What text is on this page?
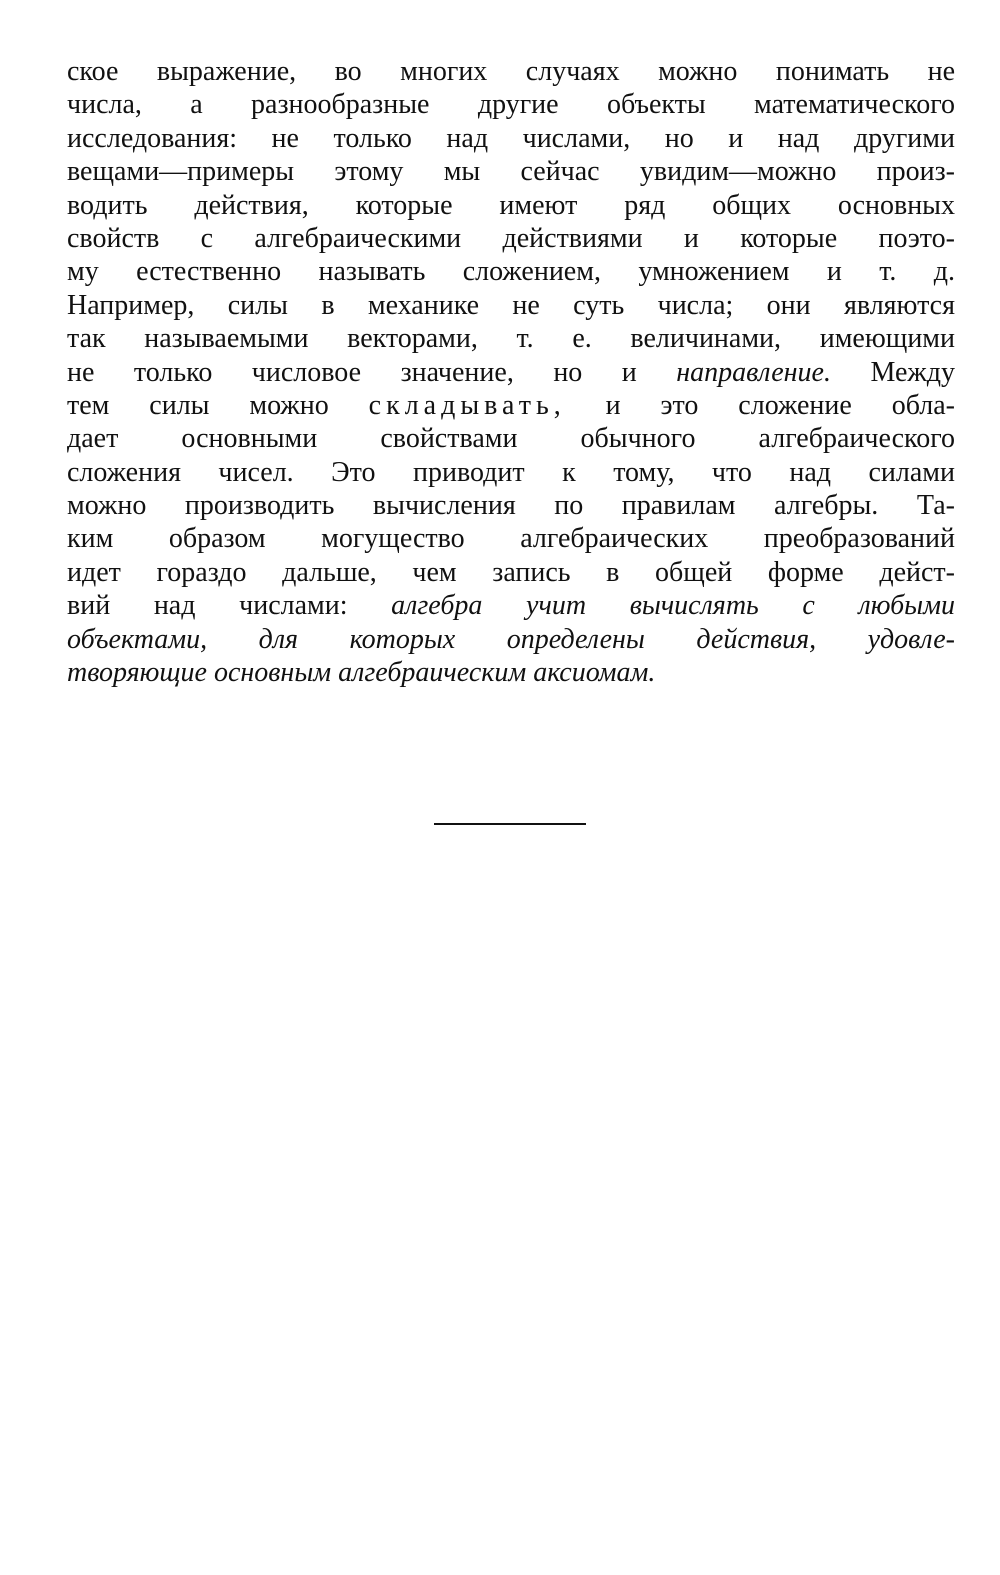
ское выражение, во многих случаях можно понимать не
числа, а разнообразные другие объекты математического
исследования: не только над числами, но и над другими
вещами—примеры этому мы сейчас увидим—можно произ-
водить действия, которые имеют ряд общих основных
свойств с алгебраическими действиями и которые поэто-
му естественно называть сложением, умножением и т. д.
Например, силы в механике не суть числа; они являются
так называемыми векторами, т. е. величинами, имеющими
не только числовое значение, но и направление. Между
тем силы можно складывать, и это сложение обла-
дает основными свойствами обычного алгебраического
сложения чисел. Это приводит к тому, что над силами
можно производить вычисления по правилам алгебры. Та-
ким образом могущество алгебраических преобразований
идет гораздо дальше, чем запись в общей форме дейст-
вий над числами: алгебра учит вычислять с любыми
объектами, для которых определены действия, удовле-
творяющие основным алгебраическим аксиомам.
